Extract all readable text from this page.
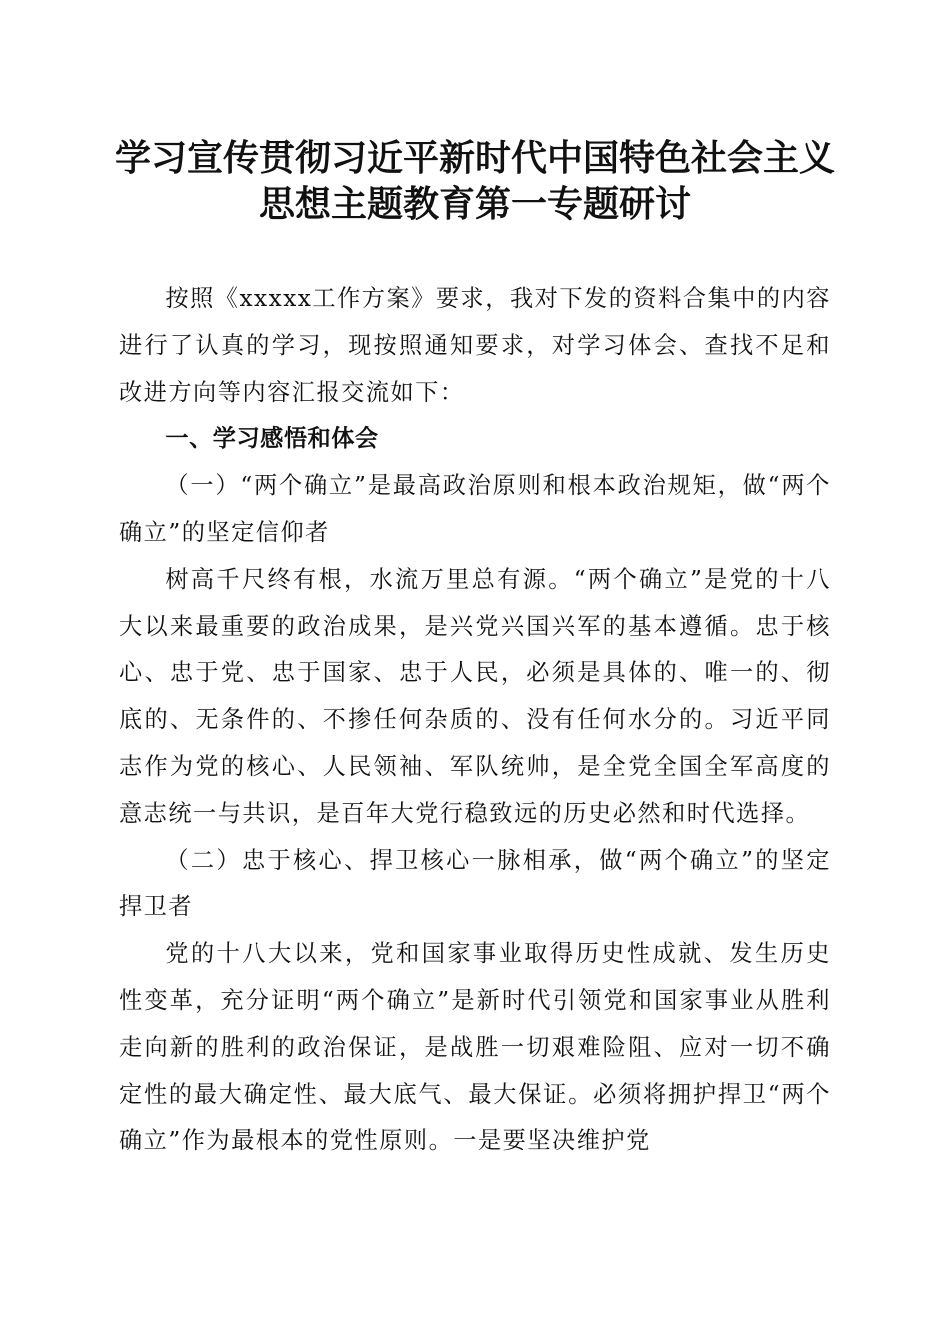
学习宣传贯彻习近平新时代中国特色社会主义
思想主题教育第一专题研讨

按照《xxxxx工作方案》要求，我对下发的资料合集中的内容进行了认真的学习，现按照通知要求，对学习体会、查找不足和改进方向等内容汇报交流如下：

一、学习感悟和体会

（一）“两个确立”是最高政治原则和根本政治规矩，做“两个确立”的坚定信仰者

树高千尺终有根，水流万里总有源。“两个确立”是党的十八大以来最重要的政治成果，是兴党兴国兴军的基本遵循。忠于核心、忠于党、忠于国家、忠于人民，必须是具体的、唯一的、彻底的、无条件的、不掺任何杂质的、没有任何水分的。习近平同志作为党的核心、人民领袖、军队统帅，是全党全国全军高度的意志统一与共识，是百年大党行稳致远的历史必然和时代选择。

（二）忠于核心、捍卫核心一脉相承，做“两个确立”的坚定捍卫者

党的十八大以来，党和国家事业取得历史性成就、发生历史性变革，充分证明“两个确立”是新时代引领党和国家事业从胜利走向新的胜利的政治保证，是战胜一切艰难险阻、应对一切不确定性的最大确定性、最大底气、最大保证。必须将拥护捍卫“两个确立”作为最根本的党性原则。一是要坚决维护党
